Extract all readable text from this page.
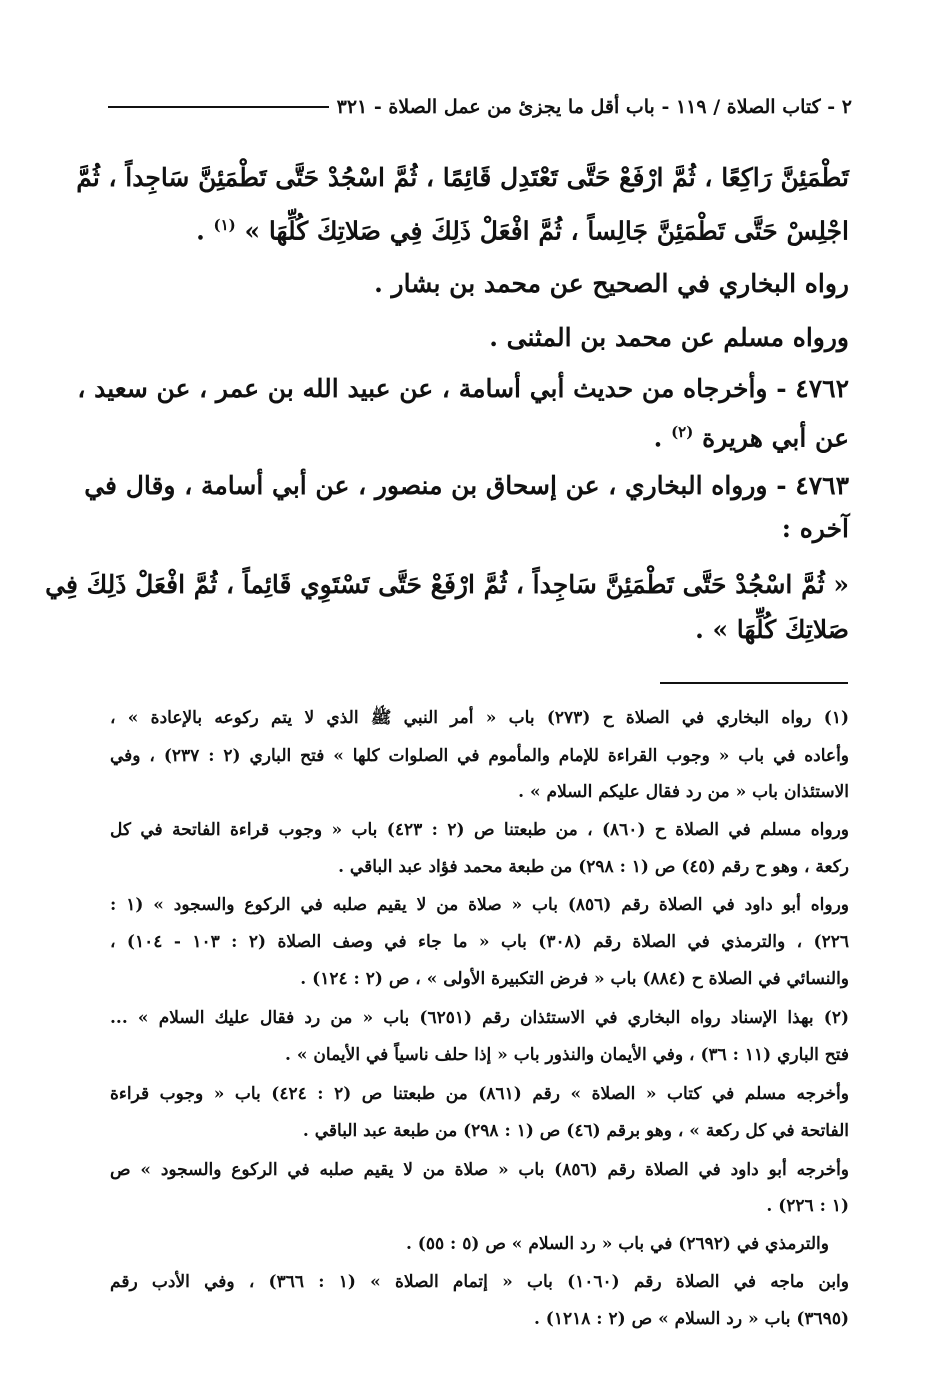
٢ - كتاب الصلاة / ١١٩ - باب أقل ما يجزئ من عمل الصلاة - ٣٢١
تَطْمَئِنَّ رَاكِعًا ، ثُمَّ ارْفَعْ حَتَّى تَعْتَدِل قَائِمًا ، ثُمَّ اسْجُدْ حَتَّى تَطْمَئِنَّ سَاجِداً ، ثُمَّ
اجْلِسْ حَتَّى تَطْمَئِنَّ جَالِساً ، ثُمَّ افْعَلْ ذَلِكَ فِي صَلاتِكَ كُلِّهَا » $^{(١)}$ .
رواه البخاري في الصحيح عن محمد بن بشار .
ورواه مسلم عن محمد بن المثنى .
٤٧٦٢ - وأخرجاه من حديث أبي أسامة ، عن عبيد الله بن عمر ، عن سعيد ،
عن أبي هريرة $^{(٢)}$ .
٤٧٦٣ - ورواه البخاري ، عن إسحاق بن منصور ، عن أبي أسامة ، وقال في
آخره :
« ثُمَّ اسْجُدْ حَتَّى تَطْمَئِنَّ سَاجِداً ، ثُمَّ ارْفَعْ حَتَّى تَسْتَوِي قَائِماً ، ثُمَّ افْعَلْ ذَلِكَ فِي
صَلاتِكَ كُلِّهَا » .
(١) رواه البخاري في الصلاة ح (٢٧٣) باب « أمر النبي ﷺ الذي لا يتم ركوعه بالإعادة » ،
وأعاده في باب « وجوب القراءة للإمام والمأموم في الصلوات كلها » فتح الباري (٢ : ٢٣٧) ، وفي
الاستئذان باب « من رد فقال عليكم السلام » .
ورواه مسلم في الصلاة ح (٨٦٠) ، من طبعتنا ص (٢ : ٤٢٣) باب « وجوب قراءة الفاتحة في كل
ركعة ، وهو ح رقم (٤٥) ص (١ : ٢٩٨) من طبعة محمد فؤاد عبد الباقي .
ورواه أبو داود في الصلاة رقم (٨٥٦) باب « صلاة من لا يقيم صلبه في الركوع والسجود » (١ :
٢٢٦) ، والترمذي في الصلاة رقم (٣٠٨) باب « ما جاء في وصف الصلاة (٢ : ١٠٣ - ١٠٤) ،
والنسائي في الصلاة ح (٨٨٤) باب « فرض التكبيرة الأولى » ، ص (٢ : ١٢٤) .
(٢) بهذا الإسناد رواه البخاري في الاستئذان رقم (٦٢٥١) باب « من رد فقال عليك السلام » ...
فتح الباري (١١ : ٣٦) ، وفي الأيمان والنذور باب « إذا حلف ناسياً في الأيمان » .
وأخرجه مسلم في كتاب « الصلاة » رقم (٨٦١) من طبعتنا ص (٢ : ٤٢٤) باب « وجوب قراءة
الفاتحة في كل ركعة » ، وهو برقم (٤٦) ص (١ : ٢٩٨) من طبعة عبد الباقي .
وأخرجه أبو داود في الصلاة رقم (٨٥٦) باب « صلاة من لا يقيم صلبه في الركوع والسجود » ص
(١ : ٢٢٦) .
والترمذي في (٢٦٩٢) في باب « رد السلام » ص (٥ : ٥٥) .
وابن ماجه في الصلاة رقم (١٠٦٠) باب « إتمام الصلاة » (١ : ٣٦٦) ، وفي الأدب رقم
(٣٦٩٥) باب « رد السلام » ص (٢ : ١٢١٨) .
